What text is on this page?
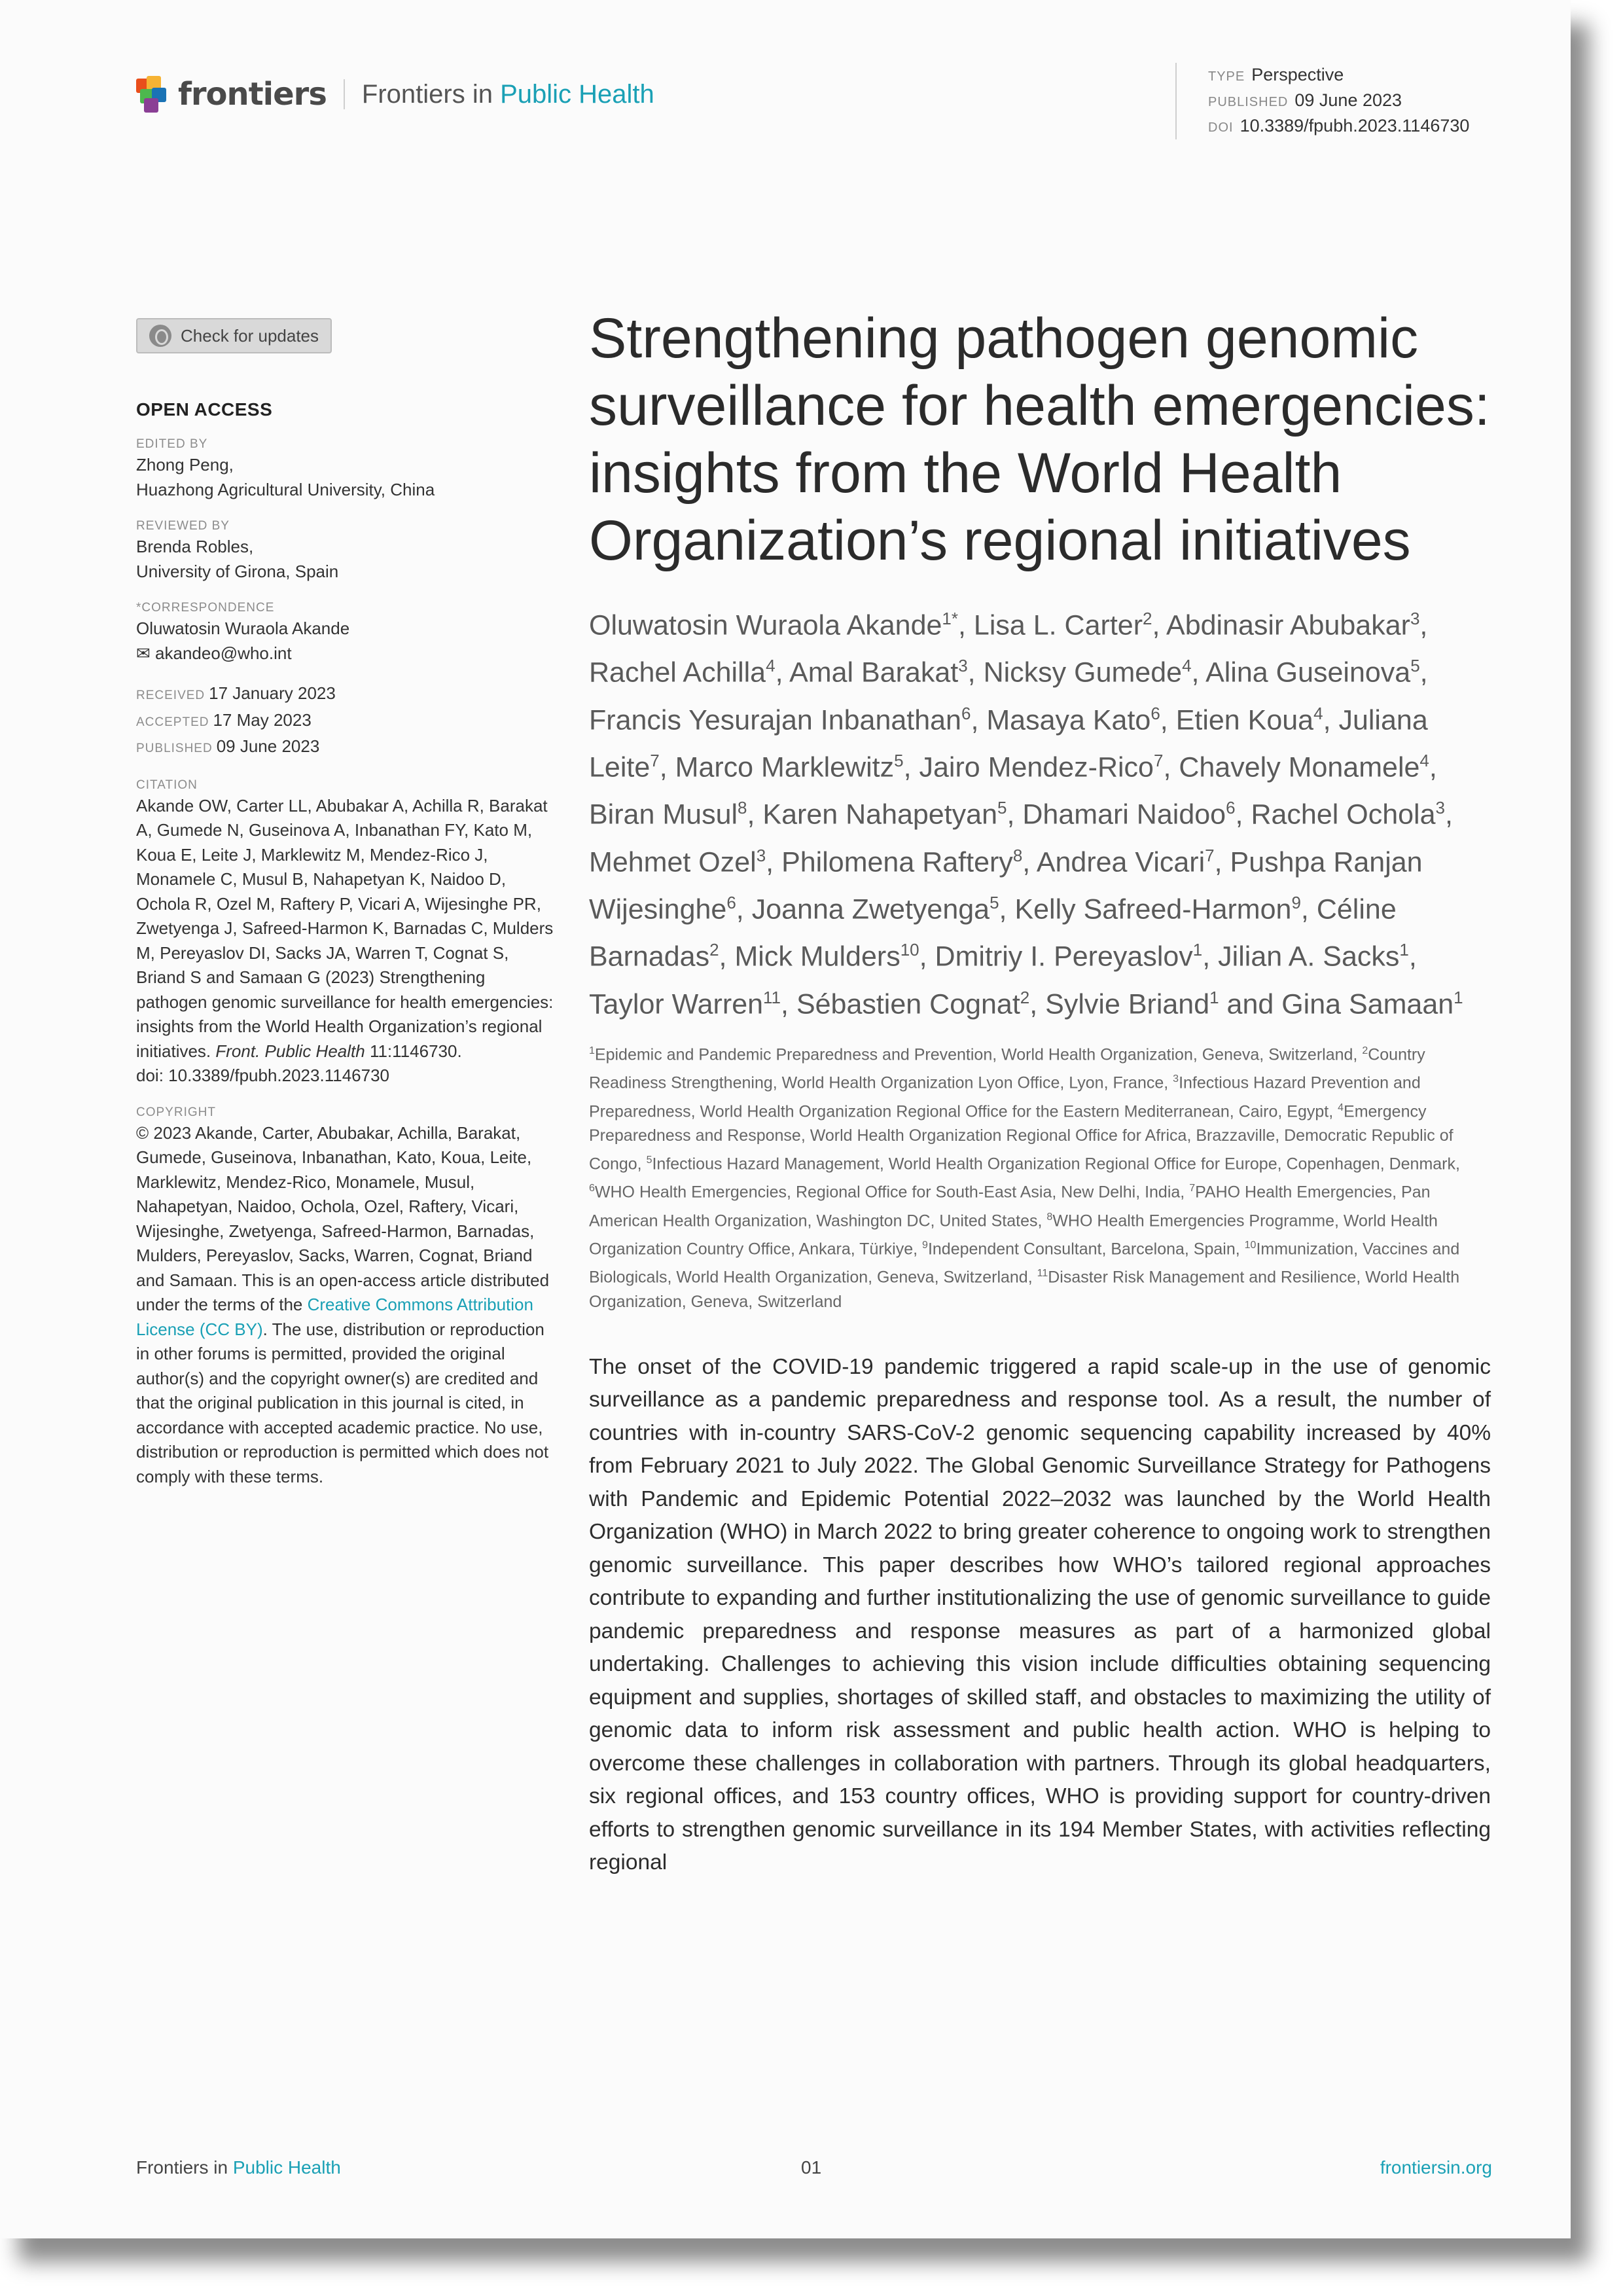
frontiers Frontiers in Public Health
TYPE Perspective
PUBLISHED 09 June 2023
DOI 10.3389/fpubh.2023.1146730
Check for updates
OPEN ACCESS
EDITED BY
Zhong Peng,
Huazhong Agricultural University, China
REVIEWED BY
Brenda Robles,
University of Girona, Spain
*CORRESPONDENCE
Oluwatosin Wuraola Akande
✉ akandeo@who.int
RECEIVED 17 January 2023
ACCEPTED 17 May 2023
PUBLISHED 09 June 2023
CITATION
Akande OW, Carter LL, Abubakar A, Achilla R, Barakat A, Gumede N, Guseinova A, Inbanathan FY, Kato M, Koua E, Leite J, Marklewitz M, Mendez-Rico J, Monamele C, Musul B, Nahapetyan K, Naidoo D, Ochola R, Ozel M, Raftery P, Vicari A, Wijesinghe PR, Zwetyenga J, Safreed-Harmon K, Barnadas C, Mulders M, Pereyaslov DI, Sacks JA, Warren T, Cognat S, Briand S and Samaan G (2023) Strengthening pathogen genomic surveillance for health emergencies: insights from the World Health Organization’s regional initiatives. Front. Public Health 11:1146730.
doi: 10.3389/fpubh.2023.1146730
COPYRIGHT
© 2023 Akande, Carter, Abubakar, Achilla, Barakat, Gumede, Guseinova, Inbanathan, Kato, Koua, Leite, Marklewitz, Mendez-Rico, Monamele, Musul, Nahapetyan, Naidoo, Ochola, Ozel, Raftery, Vicari, Wijesinghe, Zwetyenga, Safreed-Harmon, Barnadas, Mulders, Pereyaslov, Sacks, Warren, Cognat, Briand and Samaan. This is an open-access article distributed under the terms of the Creative Commons Attribution License (CC BY). The use, distribution or reproduction in other forums is permitted, provided the original author(s) and the copyright owner(s) are credited and that the original publication in this journal is cited, in accordance with accepted academic practice. No use, distribution or reproduction is permitted which does not comply with these terms.
Strengthening pathogen genomic surveillance for health emergencies: insights from the World Health Organization’s regional initiatives
Oluwatosin Wuraola Akande$^{1*}$, Lisa L. Carter$^2$, Abdinasir Abubakar$^3$, Rachel Achilla$^4$, Amal Barakat$^3$, Nicksy Gumede$^4$, Alina Guseinova$^5$, Francis Yesurajan Inbanathan$^6$, Masaya Kato$^6$, Etien Koua$^4$, Juliana Leite$^7$, Marco Marklewitz$^5$, Jairo Mendez-Rico$^7$, Chavely Monamele$^4$, Biran Musul$^8$, Karen Nahapetyan$^5$, Dhamari Naidoo$^6$, Rachel Ochola$^3$, Mehmet Ozel$^3$, Philomena Raftery$^8$, Andrea Vicari$^7$, Pushpa Ranjan Wijesinghe$^6$, Joanna Zwetyenga$^5$, Kelly Safreed-Harmon$^9$, Céline Barnadas$^2$, Mick Mulders$^{10}$, Dmitriy I. Pereyaslov$^1$, Jilian A. Sacks$^1$, Taylor Warren$^{11}$, Sébastien Cognat$^2$, Sylvie Briand$^1$ and Gina Samaan$^1$
$^1$Epidemic and Pandemic Preparedness and Prevention, World Health Organization, Geneva, Switzerland, $^2$Country Readiness Strengthening, World Health Organization Lyon Office, Lyon, France, $^3$Infectious Hazard Prevention and Preparedness, World Health Organization Regional Office for the Eastern Mediterranean, Cairo, Egypt, $^4$Emergency Preparedness and Response, World Health Organization Regional Office for Africa, Brazzaville, Democratic Republic of Congo, $^5$Infectious Hazard Management, World Health Organization Regional Office for Europe, Copenhagen, Denmark, $^6$WHO Health Emergencies, Regional Office for South-East Asia, New Delhi, India, $^7$PAHO Health Emergencies, Pan American Health Organization, Washington DC, United States, $^8$WHO Health Emergencies Programme, World Health Organization Country Office, Ankara, Türkiye, $^9$Independent Consultant, Barcelona, Spain, $^{10}$Immunization, Vaccines and Biologicals, World Health Organization, Geneva, Switzerland, $^{11}$Disaster Risk Management and Resilience, World Health Organization, Geneva, Switzerland
The onset of the COVID-19 pandemic triggered a rapid scale-up in the use of genomic surveillance as a pandemic preparedness and response tool. As a result, the number of countries with in-country SARS-CoV-2 genomic sequencing capability increased by 40% from February 2021 to July 2022. The Global Genomic Surveillance Strategy for Pathogens with Pandemic and Epidemic Potential 2022–2032 was launched by the World Health Organization (WHO) in March 2022 to bring greater coherence to ongoing work to strengthen genomic surveillance. This paper describes how WHO’s tailored regional approaches contribute to expanding and further institutionalizing the use of genomic surveillance to guide pandemic preparedness and response measures as part of a harmonized global undertaking. Challenges to achieving this vision include difficulties obtaining sequencing equipment and supplies, shortages of skilled staff, and obstacles to maximizing the utility of genomic data to inform risk assessment and public health action. WHO is helping to overcome these challenges in collaboration with partners. Through its global headquarters, six regional offices, and 153 country offices, WHO is providing support for country-driven efforts to strengthen genomic surveillance in its 194 Member States, with activities reflecting regional
Frontiers in Public Health	01	frontiersin.org
